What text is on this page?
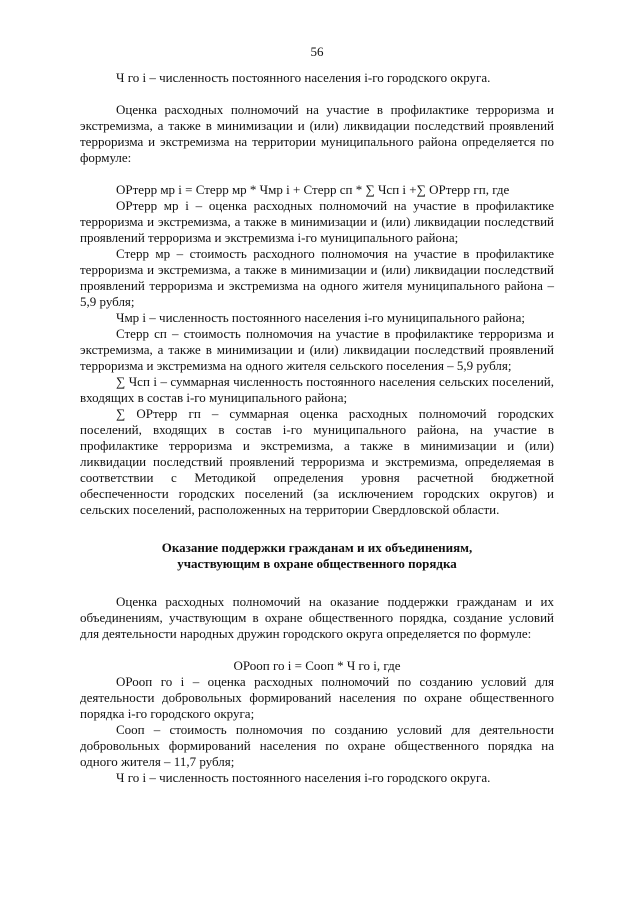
56

Ч го i – численность постоянного населения i-го городского округа.

Оценка расходных полномочий на участие в профилактике терроризма и экстремизма, а также в минимизации и (или) ликвидации последствий проявлений терроризма и экстремизма на территории муниципального района определяется по формуле:

ОРтерр мр i = Стерр мр * Чмр i + Стерр сп * ∑ Чсп i +∑ ОРтерр гп, где

ОРтерр мр i – оценка расходных полномочий на участие в профилактике терроризма и экстремизма, а также в минимизации и (или) ликвидации последствий проявлений терроризма и экстремизма i-го муниципального района;

Стерр мр – стоимость расходного полномочия на участие в профилактике терроризма и экстремизма, а также в минимизации и (или) ликвидации последствий проявлений терроризма и экстремизма на одного жителя муниципального района – 5,9 рубля;

Чмр i – численность постоянного населения i-го муниципального района;

Стерр сп – стоимость полномочия на участие в профилактике терроризма и экстремизма, а также в минимизации и (или) ликвидации последствий проявлений терроризма и экстремизма на одного жителя сельского поселения – 5,9 рубля;

∑ Чсп i – суммарная численность постоянного населения сельских поселений, входящих в состав i-го муниципального района;

∑ ОРтерр гп – суммарная оценка расходных полномочий городских поселений, входящих в состав i-го муниципального района, на участие в профилактике терроризма и экстремизма, а также в минимизации и (или) ликвидации последствий проявлений терроризма и экстремизма, определяемая в соответствии с Методикой определения уровня расчетной бюджетной обеспеченности городских поселений (за исключением городских округов) и сельских поселений, расположенных на территории Свердловской области.

Оказание поддержки гражданам и их объединениям,

участвующим в охране общественного порядка

Оценка расходных полномочий на оказание поддержки гражданам и их объединениям, участвующим в охране общественного порядка, создание условий для деятельности народных дружин городского округа определяется по формуле:

ОРооп го i = Cооп * Ч го i, где

ОРооп го i – оценка расходных полномочий по созданию условий для деятельности добровольных формирований населения по охране общественного порядка i-го городского округа;

Сооп – стоимость полномочия по созданию условий для деятельности добровольных формирований населения по охране общественного порядка на одного жителя – 11,7 рубля;

Ч го i – численность постоянного населения i-го городского округа.
